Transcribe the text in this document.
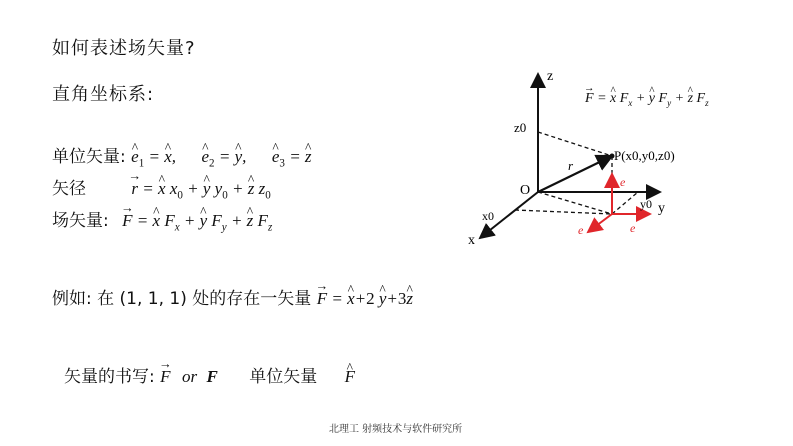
如何表述场矢量?
直角坐标系:
单位矢量: ^ $e_1$ = ^ x,      ^ $e_2$ = ^ y,      ^ $e_3$ = ^ z
矢径	→ r = ^ x $x_0$ + ^ y $y_0$ + ^ z $z_0$
场矢量: → F = ^ x $F_x$ + ^ y $F_y$ + ^ z $F_z$
例如: 在 (1, 1, 1) 处的存在一矢量 → F = ^ x+2 ^ y+3^ z
矢量的书写: → F or F 单位矢量 ^ F
北理工 射频技术与软件研究所
→ F = ^ x $F_x$ + ^ y $F_y$ + ^ z $F_z$
z
y
x
O
z0
y0
x0
P(x0,y0,z0)
r
e
e
e
